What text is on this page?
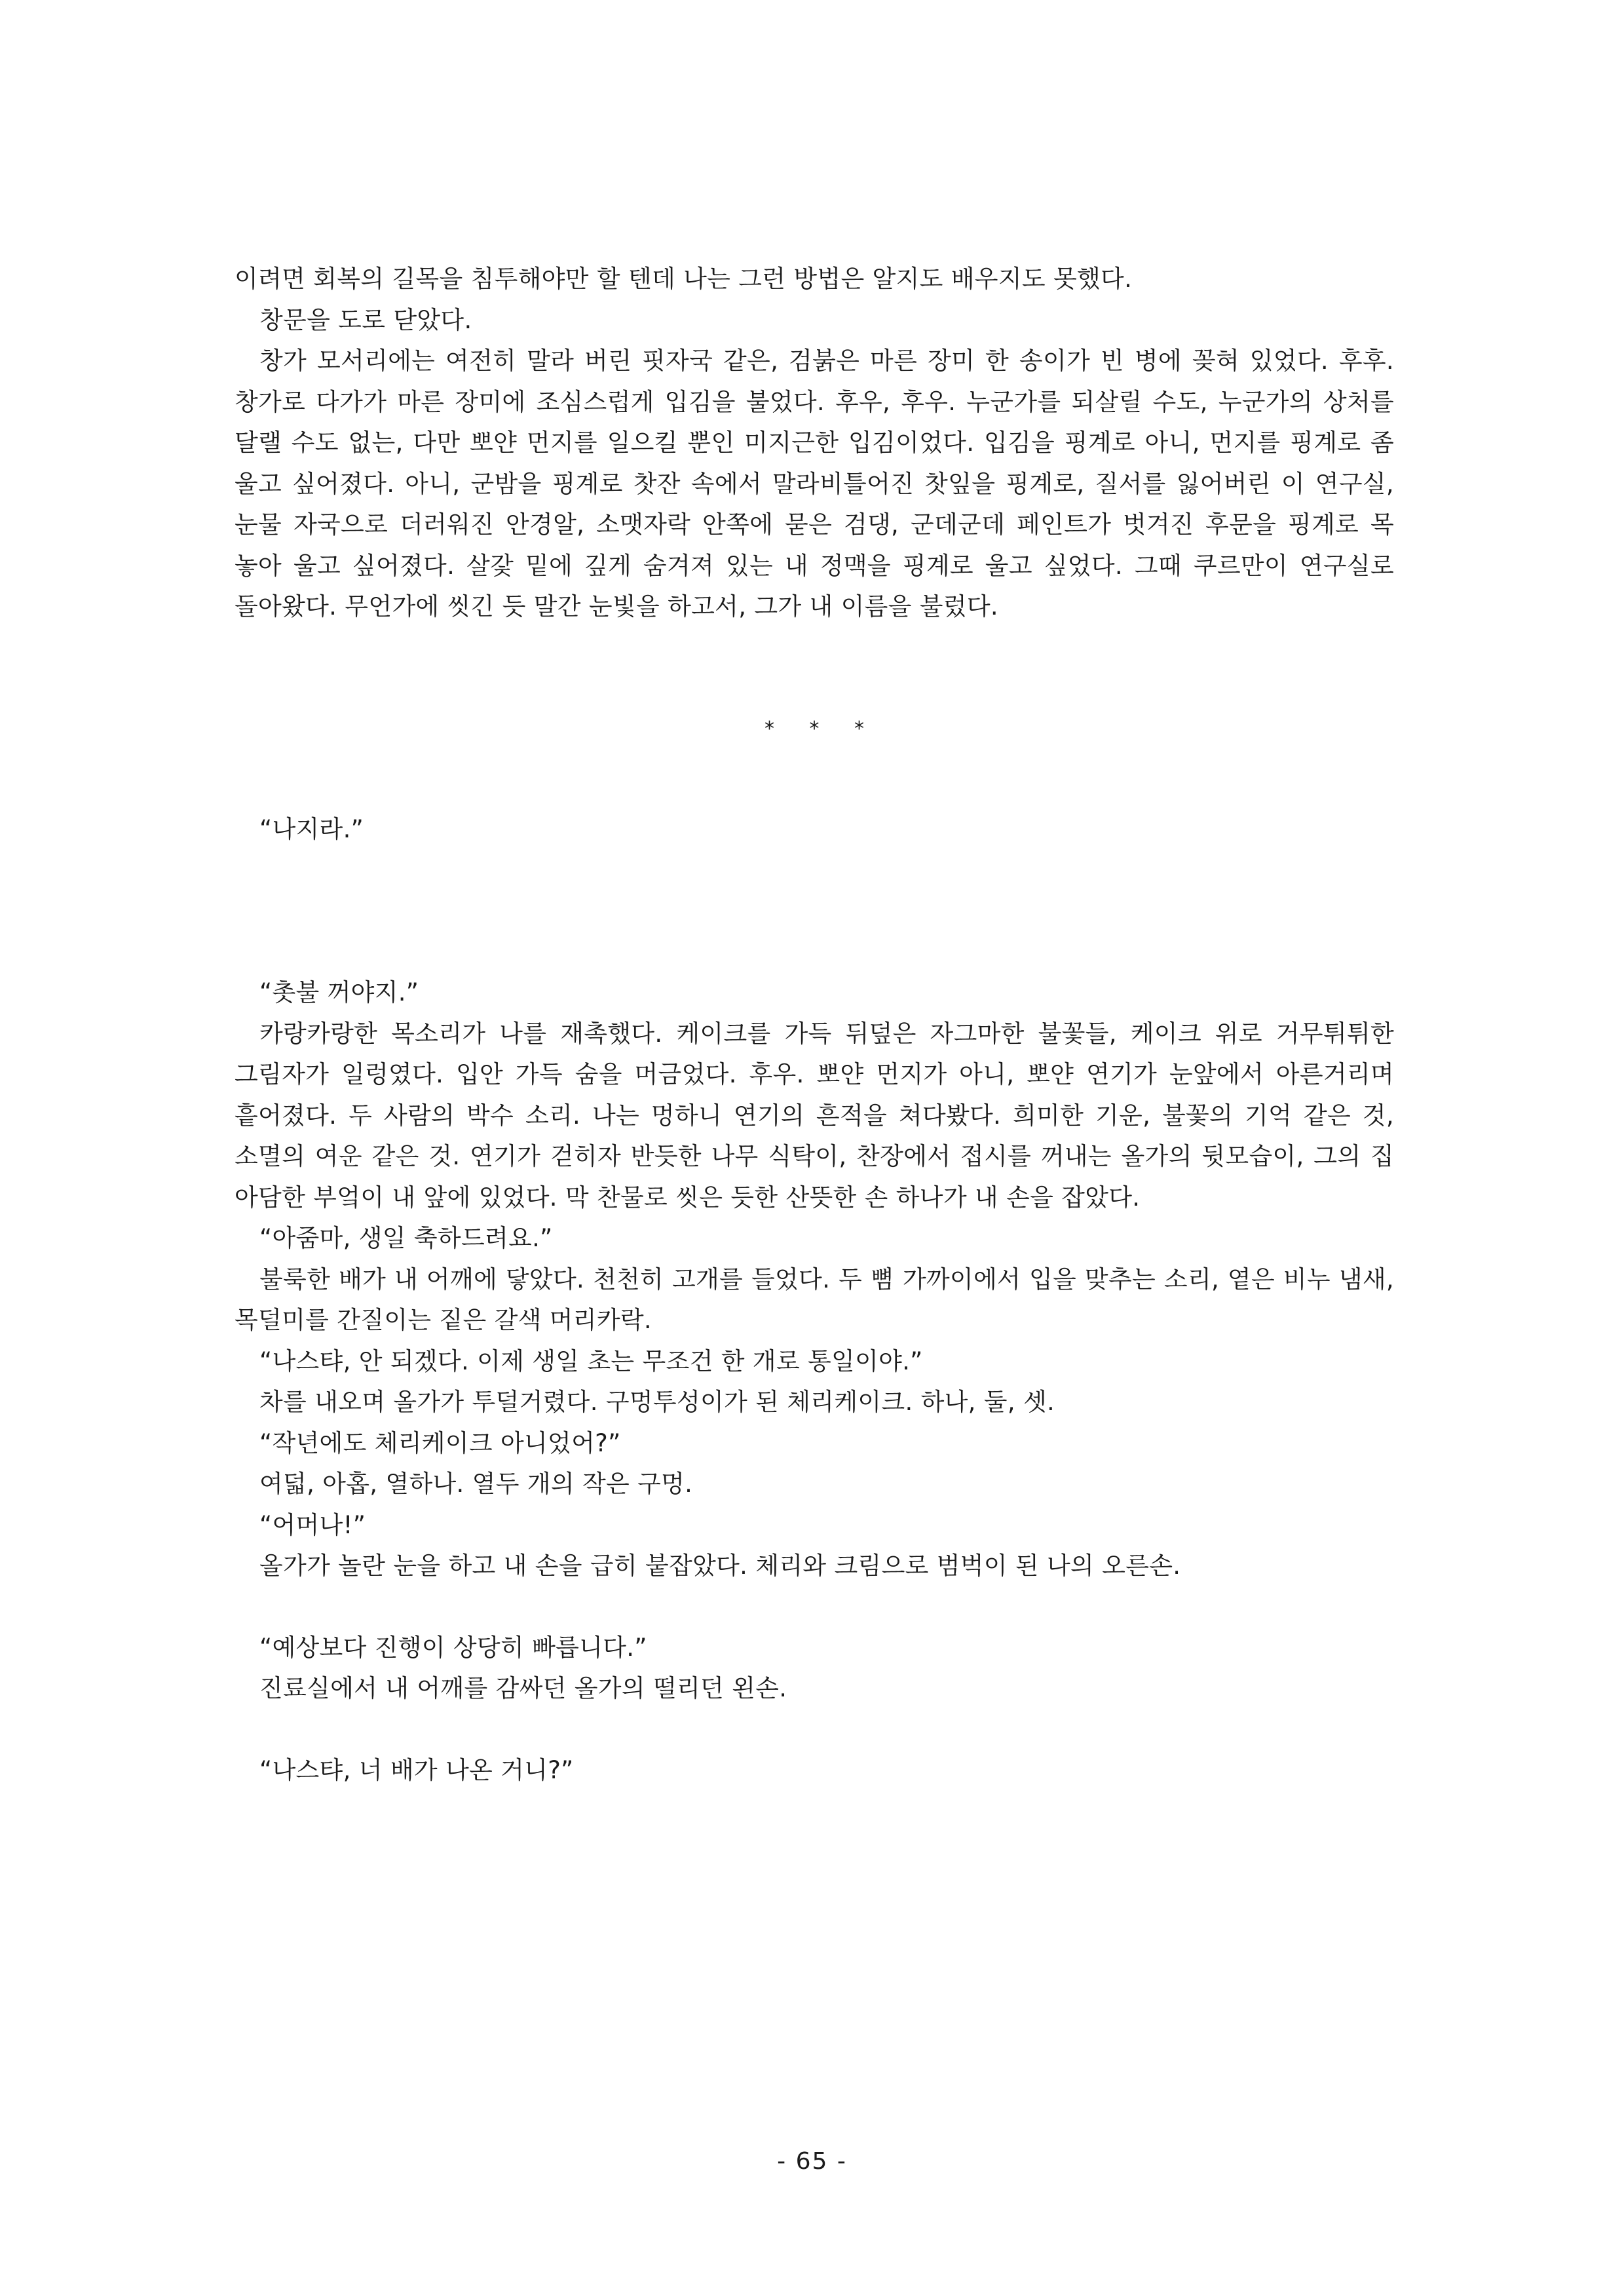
이려면 회복의 길목을 침투해야만 할 텐데 나는 그런 방법은 알지도 배우지도 못했다.

창문을 도로 닫았다.

창가 모서리에는 여전히 말라 버린 핏자국 같은, 검붉은 마른 장미 한 송이가 빈 병에 꽂혀 있었다. 후후. 창가로 다가가 마른 장미에 조심스럽게 입김을 불었다. 후우, 후우. 누군가를 되살릴 수도, 누군가의 상처를 달랠 수도 없는, 다만 뽀얀 먼지를 일으킬 뿐인 미지근한 입김이었다. 입김을 핑계로 아니, 먼지를 핑계로 좀 울고 싶어졌다. 아니, 군밤을 핑계로 찻잔 속에서 말라비틀어진 찻잎을 핑계로, 질서를 잃어버린 이 연구실, 눈물 자국으로 더러워진 안경알, 소맷자락 안쪽에 묻은 검댕, 군데군데 페인트가 벗겨진 후문을 핑계로 목 놓아 울고 싶어졌다. 살갗 밑에 깊게 숨겨져 있는 내 정맥을 핑계로 울고 싶었다. 그때 쿠르만이 연구실로 돌아왔다. 무언가에 씻긴 듯 말간 눈빛을 하고서, 그가 내 이름을 불렀다.

* * *

“나지라.”

“촛불 꺼야지.”

카랑카랑한 목소리가 나를 재촉했다. 케이크를 가득 뒤덮은 자그마한 불꽃들, 케이크 위로 거무튀튀한 그림자가 일렁였다. 입안 가득 숨을 머금었다. 후우. 뽀얀 먼지가 아니, 뽀얀 연기가 눈앞에서 아른거리며 흩어졌다. 두 사람의 박수 소리. 나는 멍하니 연기의 흔적을 쳐다봤다. 희미한 기운, 불꽃의 기억 같은 것, 소멸의 여운 같은 것. 연기가 걷히자 반듯한 나무 식탁이, 찬장에서 접시를 꺼내는 올가의 뒷모습이, 그의 집 아담한 부엌이 내 앞에 있었다. 막 찬물로 씻은 듯한 산뜻한 손 하나가 내 손을 잡았다.

“아줌마, 생일 축하드려요.”

불룩한 배가 내 어깨에 닿았다. 천천히 고개를 들었다. 두 뼘 가까이에서 입을 맞추는 소리, 옅은 비누 냄새, 목덜미를 간질이는 짙은 갈색 머리카락.

“나스탸, 안 되겠다. 이제 생일 초는 무조건 한 개로 통일이야.”

차를 내오며 올가가 투덜거렸다. 구멍투성이가 된 체리케이크. 하나, 둘, 셋.

“작년에도 체리케이크 아니었어?”

여덟, 아홉, 열하나. 열두 개의 작은 구멍.

“어머나!”

올가가 놀란 눈을 하고 내 손을 급히 붙잡았다. 체리와 크림으로 범벅이 된 나의 오른손.

“예상보다 진행이 상당히 빠릅니다.”

진료실에서 내 어깨를 감싸던 올가의 떨리던 왼손.

“나스탸, 너 배가 나온 거니?”

- 65 -
